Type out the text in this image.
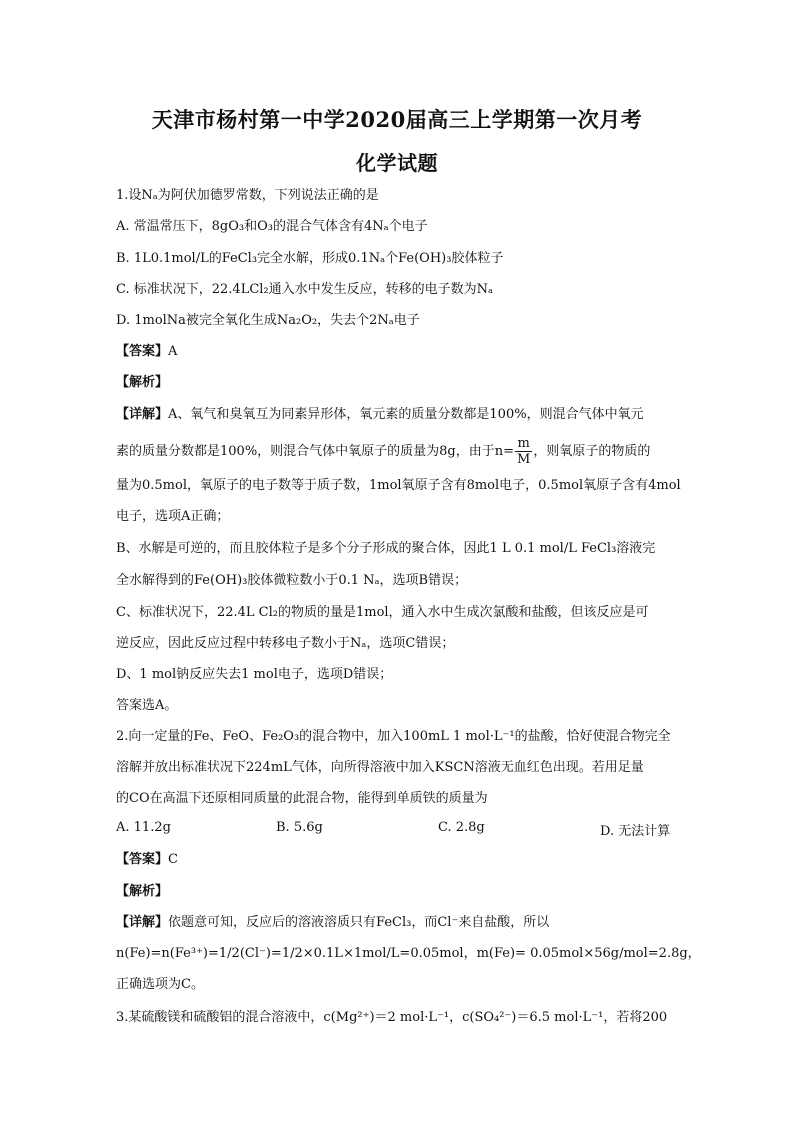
天津市杨村第一中学2020届高三上学期第一次月考
化学试题
1.设Nₐ为阿伏加德罗常数，下列说法正确的是
A. 常温常压下，8gO₃和O₃的混合气体含有4Nₐ个电子
B. 1L0.1mol/L的FeCl₃完全水解，形成0.1Nₐ个Fe(OH)₃胶体粒子
C. 标准状况下，22.4LCl₂通入水中发生反应，转移的电子数为Nₐ
D. 1molNa被完全氧化生成Na₂O₂，失去个2Nₐ电子
【答案】A
【解析】
【详解】A、氧气和臭氧互为同素异形体，氧元素的质量分数都是100%，则混合气体中氧元
素的质量分数都是100%，则混合气体中氧原子的质量为8g，由于$n= \frac{m}{M}$ ，则氧原子的物质的
量为0.5mol，氧原子的电子数等于质子数，1mol氧原子含有8mol电子，0.5mol氧原子含有4mol
电子，选项A正确；
B、水解是可逆的，而且胶体粒子是多个分子形成的聚合体，因此1 L 0.1 mol/L FeCl₃溶液完
全水解得到的Fe(OH)₃胶体微粒数小于0.1 Nₐ，选项B错误；
C、标准状况下，22.4L Cl₂的物质的量是1mol，通入水中生成次氯酸和盐酸，但该反应是可
逆反应，因此反应过程中转移电子数小于Nₐ，选项C错误；
D、1 mol钠反应失去1 mol电子，选项D错误；
答案选A。
2.向一定量的Fe、FeO、Fe₂O₃的混合物中，加入100mL 1 mol·L⁻¹的盐酸，恰好使混合物完全
溶解并放出标准状况下224mL气体，向所得溶液中加入KSCN溶液无血红色出现。若用足量
的CO在高温下还原相同质量的此混合物，能得到单质铁的质量为
A. 11.2g	B. 5.6g	C. 2.8g	D. 无法计算
【答案】C
【解析】
【详解】依题意可知，反应后的溶液溶质只有FeCl₃，而Cl⁻来自盐酸，所以
n(Fe)=n(Fe³⁺)=1/2(Cl⁻)=1/2×0.1L×1mol/L=0.05mol，m(Fe)= 0.05mol×56g/mol=2.8g，
正确选项为C。
3.某硫酸镁和硫酸铝的混合溶液中，c(Mg²⁺)＝2 mol·L⁻¹，c(SO₄²⁻)＝6.5 mol·L⁻¹，若将200
